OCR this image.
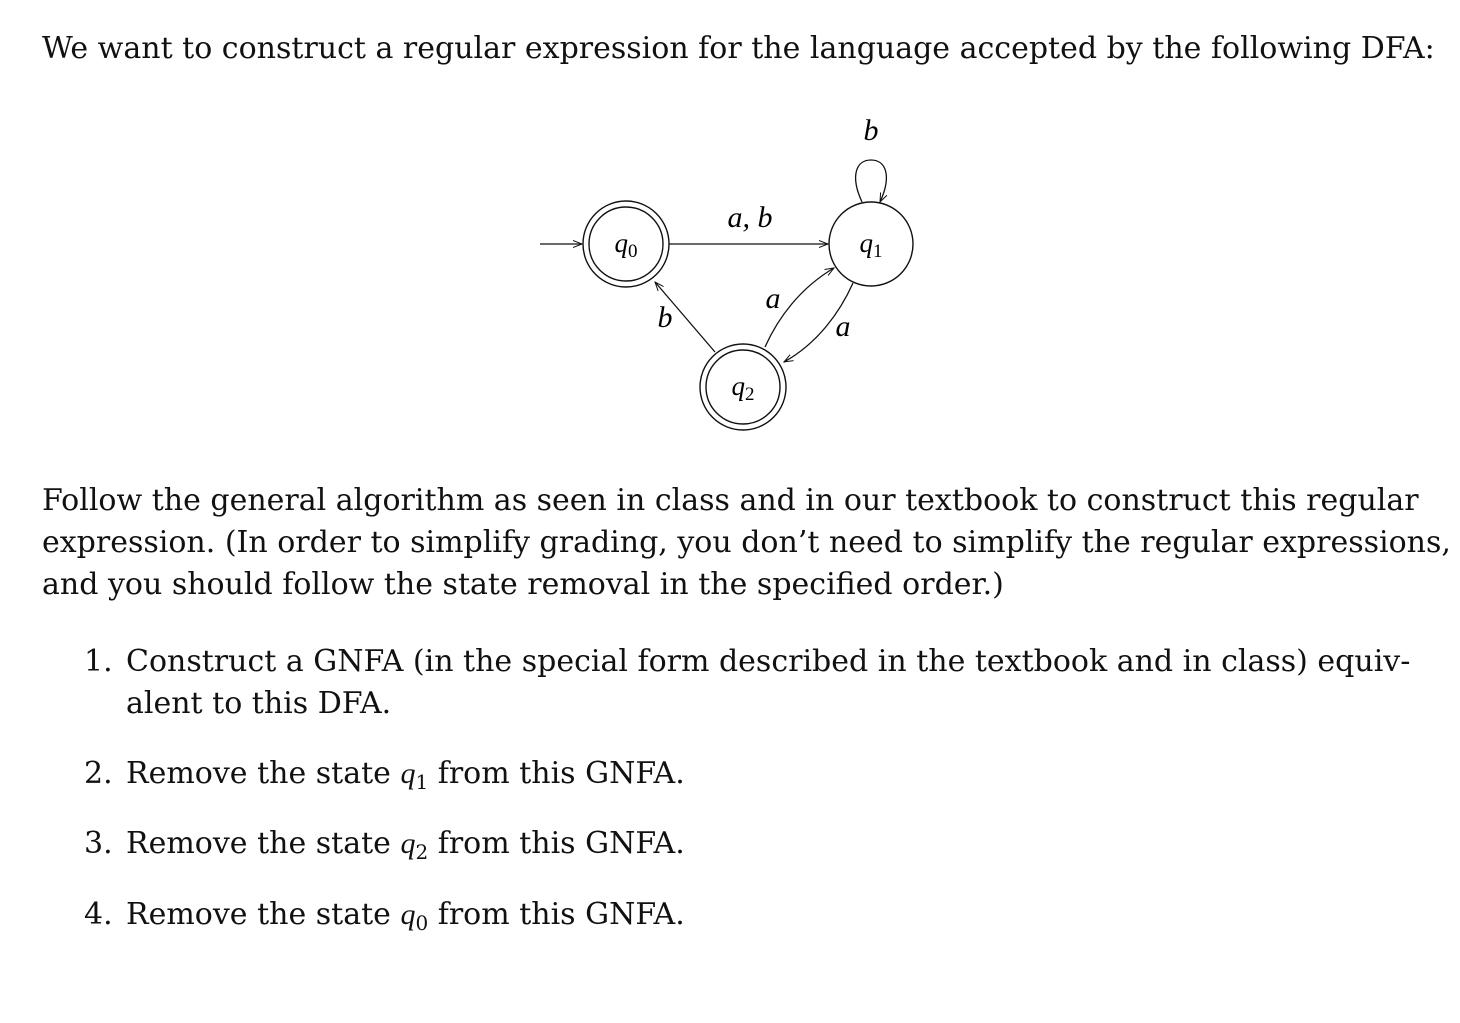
We want to construct a regular expression for the language accepted by the following DFA:
q0	q1
q2
a, b
b
a
a
b
Follow the general algorithm as seen in class and in our textbook to construct this regular
expression. (In order to simplify grading, you don’t need to simplify the regular expressions,
and you should follow the state removal in the specified order.)
1. Construct a GNFA (in the special form described in the textbook and in class) equiv-
alent to this DFA.
2. Remove the state $q_1$ from this GNFA.
3. Remove the state $q_2$ from this GNFA.
4. Remove the state $q_0$ from this GNFA.
